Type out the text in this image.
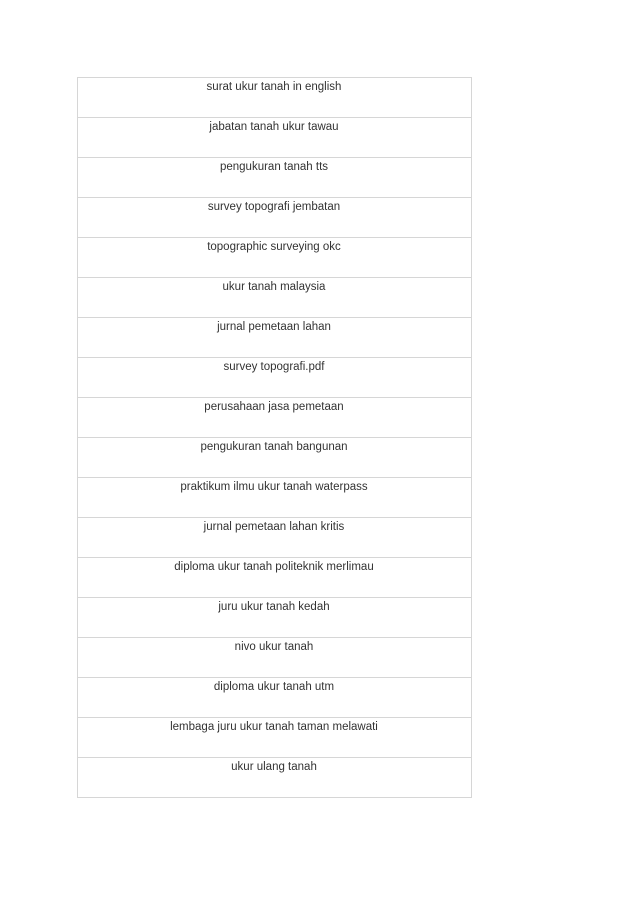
surat ukur tanah in english
jabatan tanah ukur tawau
pengukuran tanah tts
survey topografi jembatan
topographic surveying okc
ukur tanah malaysia
jurnal pemetaan lahan
survey topografi.pdf
perusahaan jasa pemetaan
pengukuran tanah bangunan
praktikum ilmu ukur tanah waterpass
jurnal pemetaan lahan kritis
diploma ukur tanah politeknik merlimau
juru ukur tanah kedah
nivo ukur tanah
diploma ukur tanah utm
lembaga juru ukur tanah taman melawati
ukur ulang tanah
